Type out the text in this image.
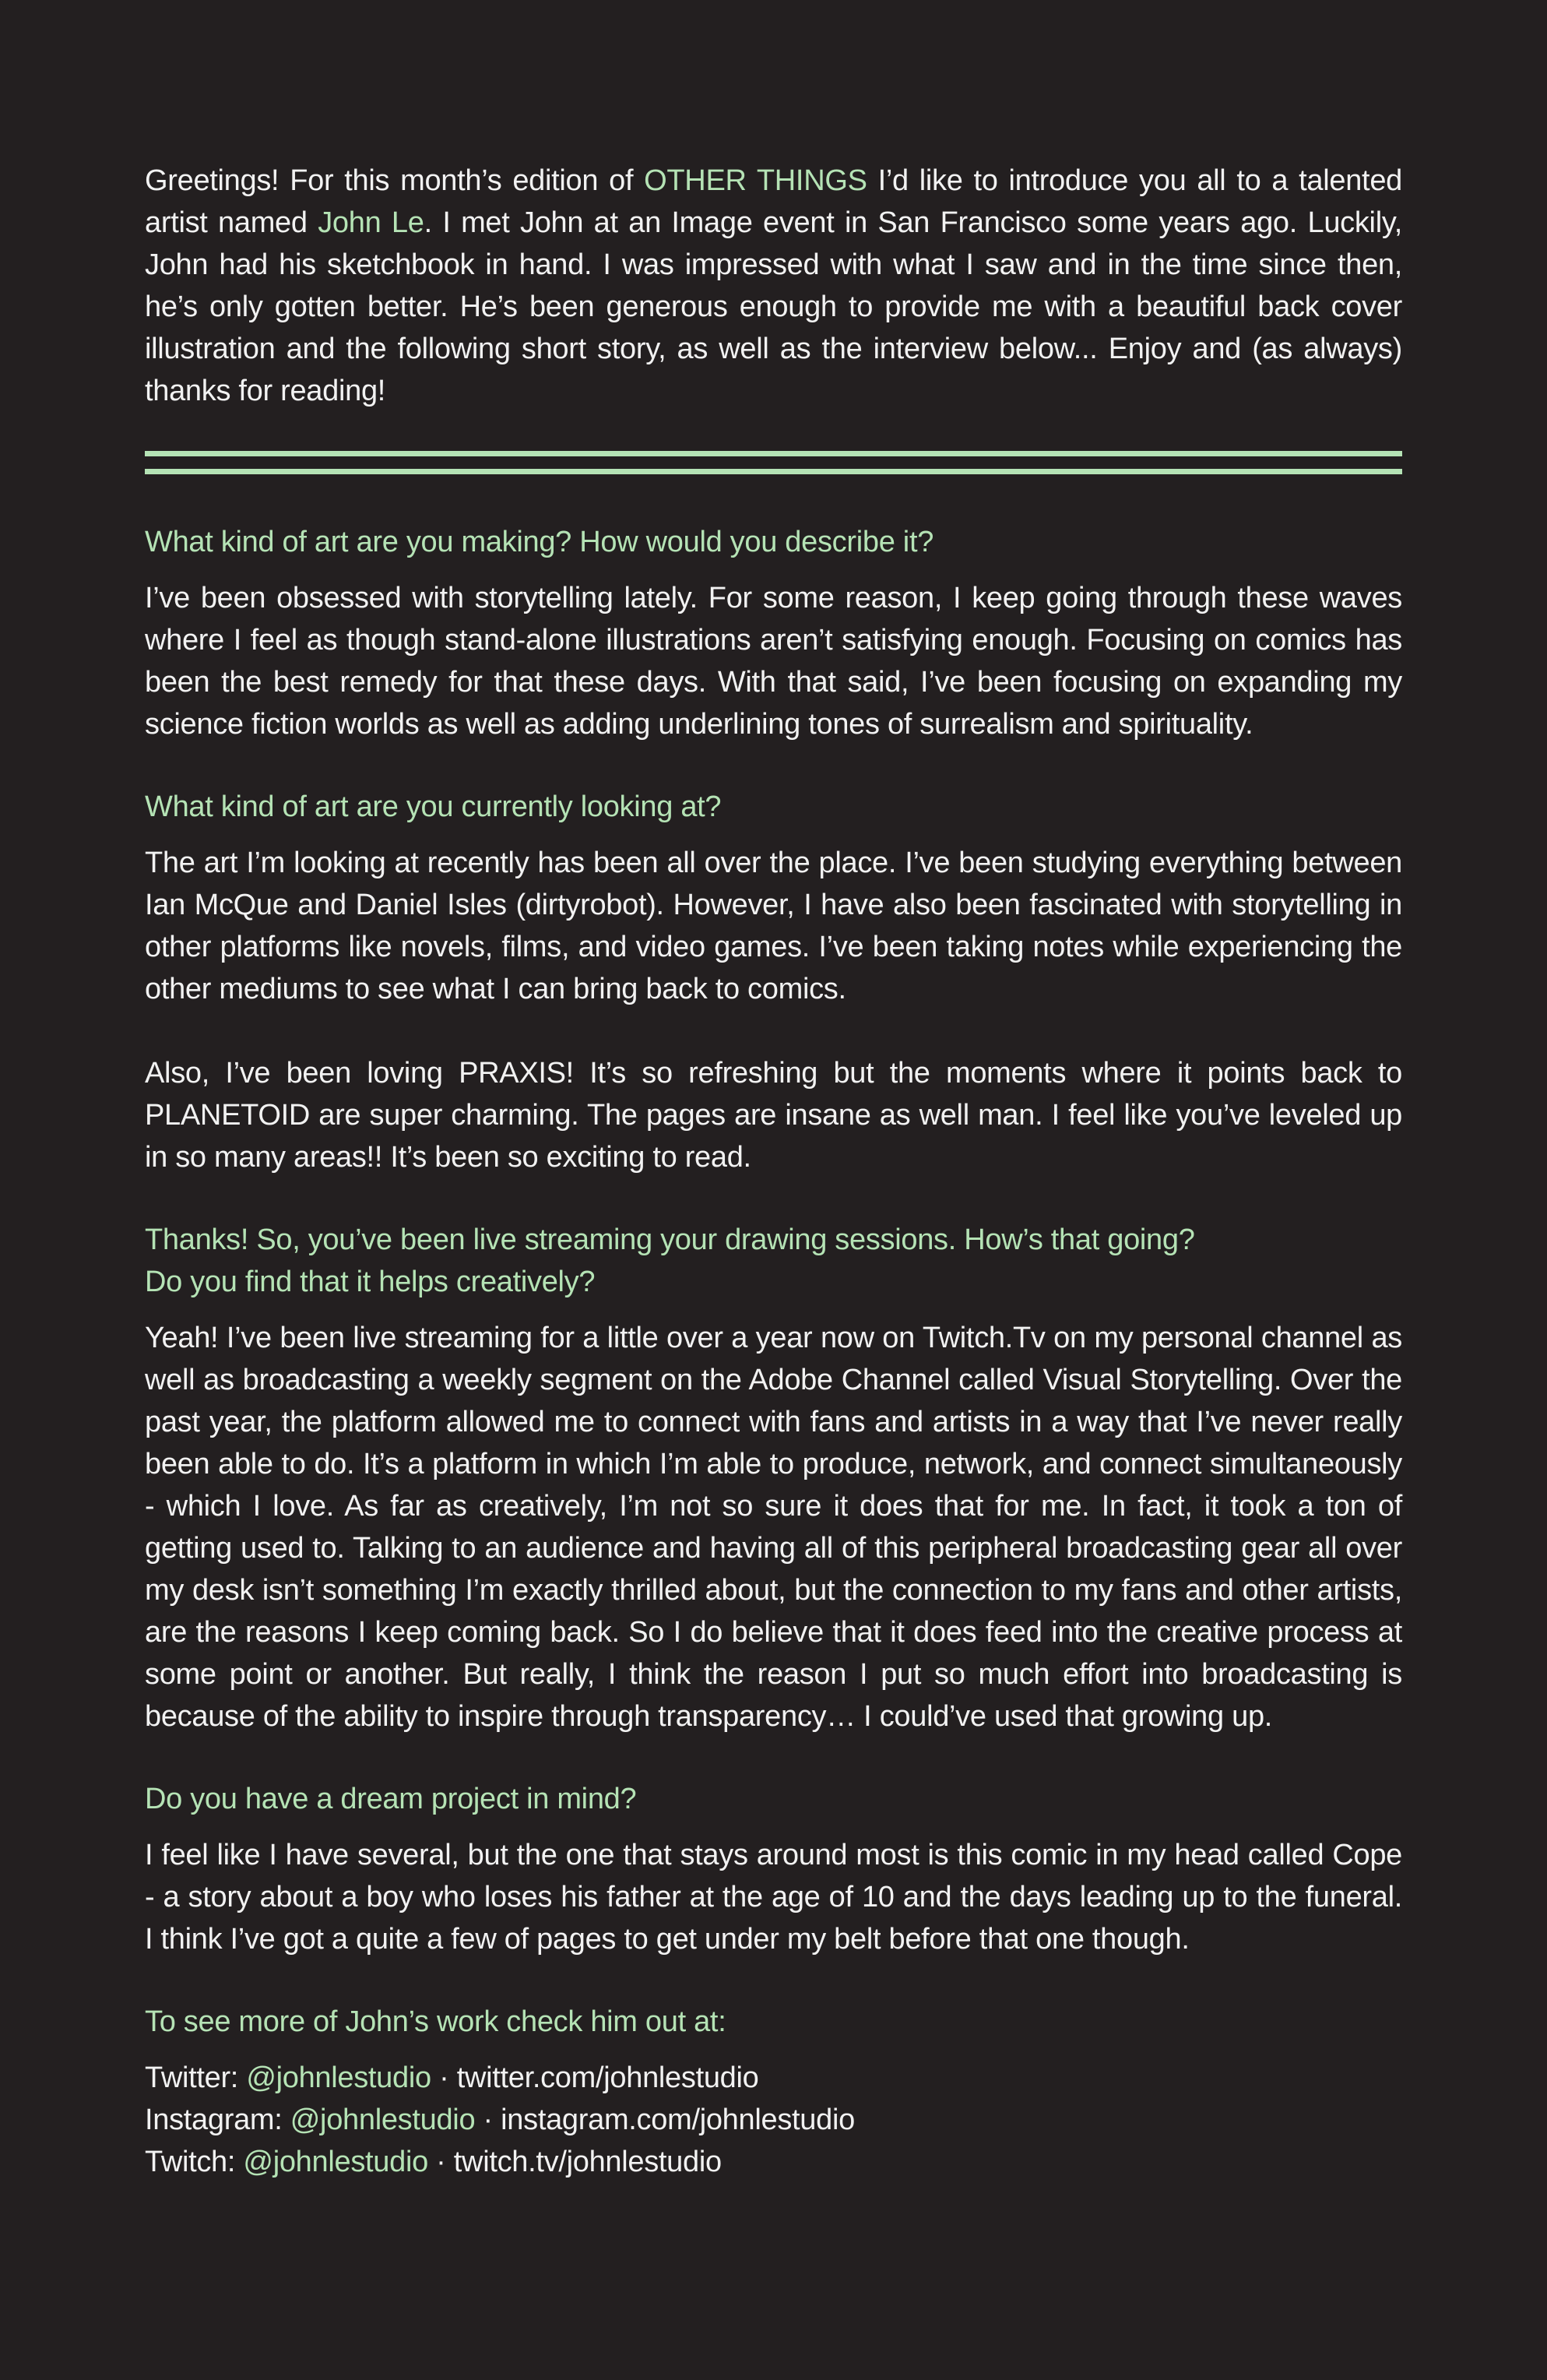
Greetings! For this month’s edition of OTHER THINGS I’d like to introduce you all to a talented artist named John Le. I met John at an Image event in San Francisco some years ago. Luckily, John had his sketchbook in hand. I was impressed with what I saw and in the time since then, he’s only gotten better. He’s been generous enough to provide me with a beautiful back cover illustration and the following short story, as well as the interview below... Enjoy and (as always) thanks for reading!

What kind of art are you making? How would you describe it?

I’ve been obsessed with storytelling lately. For some reason, I keep going through these waves where I feel as though stand-alone illustrations aren’t satisfying enough. Focusing on comics has been the best remedy for that these days. With that said, I’ve been focusing on expanding my science fiction worlds as well as adding underlining tones of surrealism and spirituality.

What kind of art are you currently looking at?

The art I’m looking at recently has been all over the place. I’ve been studying everything between Ian McQue and Daniel Isles (dirtyrobot). However, I have also been fascinated with storytelling in other platforms like novels, films, and video games. I’ve been taking notes while experiencing the other mediums to see what I can bring back to comics.

Also, I’ve been loving PRAXIS! It’s so refreshing but the moments where it points back to PLANETOID are super charming. The pages are insane as well man. I feel like you’ve leveled up in so many areas!! It’s been so exciting to read.

Thanks! So, you’ve been live streaming your drawing sessions. How’s that going?
Do you find that it helps creatively?

Yeah! I’ve been live streaming for a little over a year now on Twitch.Tv on my personal channel as well as broadcasting a weekly segment on the Adobe Channel called Visual Storytelling. Over the past year, the platform allowed me to connect with fans and artists in a way that I’ve never really been able to do. It’s a platform in which I’m able to produce, network, and connect simultaneously - which I love. As far as creatively, I’m not so sure it does that for me. In fact, it took a ton of getting used to. Talking to an audience and having all of this peripheral broadcasting gear all over my desk isn’t something I’m exactly thrilled about, but the connection to my fans and other artists, are the reasons I keep coming back. So I do believe that it does feed into the creative process at some point or another. But really, I think the reason I put so much effort into broadcasting is because of the ability to inspire through transparency… I could’ve used that growing up.

Do you have a dream project in mind?

I feel like I have several, but the one that stays around most is this comic in my head called Cope - a story about a boy who loses his father at the age of 10 and the days leading up to the funeral. I think I’ve got a quite a few of pages to get under my belt before that one though.

To see more of John’s work check him out at:

Twitter: @johnlestudio · twitter.com/johnlestudio

Instagram: @johnlestudio · instagram.com/johnlestudio

Twitch: @johnlestudio · twitch.tv/johnlestudio
